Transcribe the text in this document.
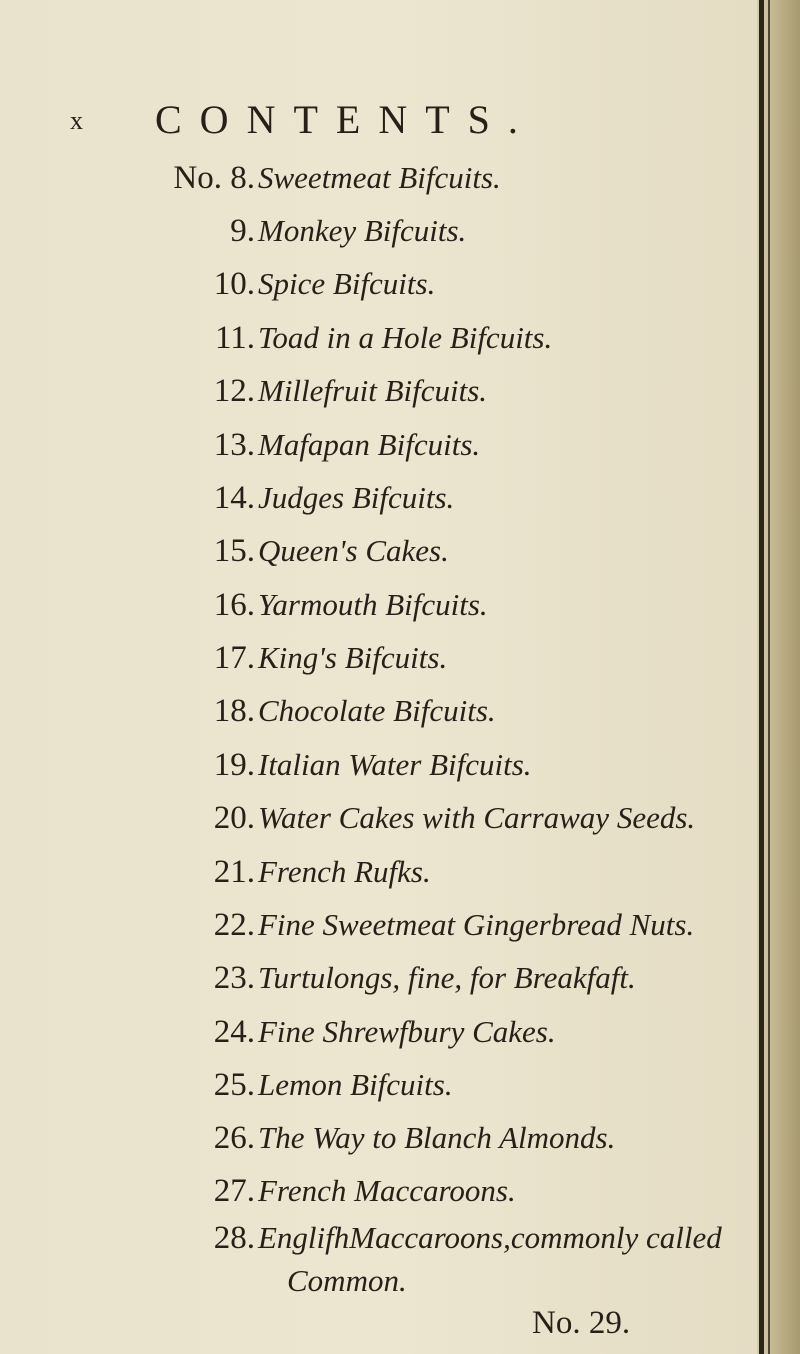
x CONTENTS.
No. 8. Sweetmeat Bifcuits.
9. Monkey Bifcuits.
10. Spice Bifcuits.
11. Toad in a Hole Bifcuits.
12. Millefruit Bifcuits.
13. Mafapan Bifcuits.
14. Judges Bifcuits.
15. Queen's Cakes.
16. Yarmouth Bifcuits.
17. King's Bifcuits.
18. Chocolate Bifcuits.
19. Italian Water Bifcuits.
20. Water Cakes with Carraway Seeds.
21. French Rufks.
22. Fine Sweetmeat Gingerbread Nuts.
23. Turtulongs, fine, for Breakfaft.
24. Fine Shrewfbury Cakes.
25. Lemon Bifcuits.
26. The Way to Blanch Almonds.
27. French Maccaroons.
28. EnglifhMaccaroons,commonly called
Common.
No. 29.
